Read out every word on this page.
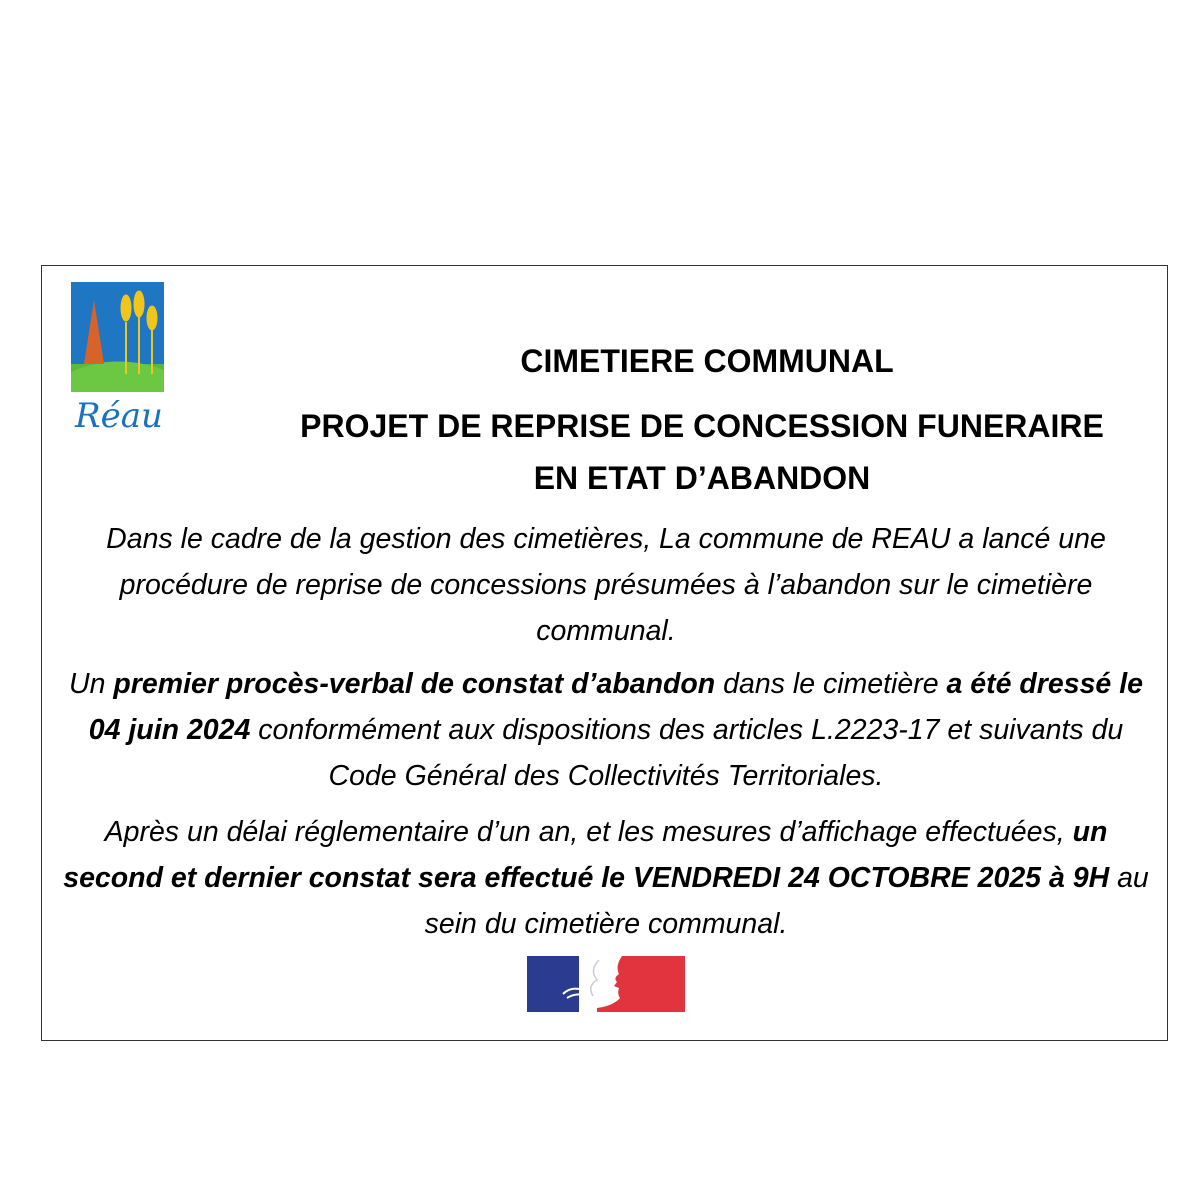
Réau

CIMETIERE COMMUNAL

PROJET DE REPRISE DE CONCESSION FUNERAIRE

EN ETAT D’ABANDON

Dans le cadre de la gestion des cimetières, La commune de REAU a lancé une procédure de reprise de concessions présumées à l’abandon sur le cimetière communal.

Un premier procès-verbal de constat d’abandon dans le cimetière a été dressé le 04 juin 2024 conformément aux dispositions des articles L.2223-17 et suivants du Code Général des Collectivités Territoriales.

Après un délai réglementaire d’un an, et les mesures d’affichage effectuées, un second et dernier constat sera effectué le VENDREDI 24 OCTOBRE 2025 à 9H au sein du cimetière communal.
